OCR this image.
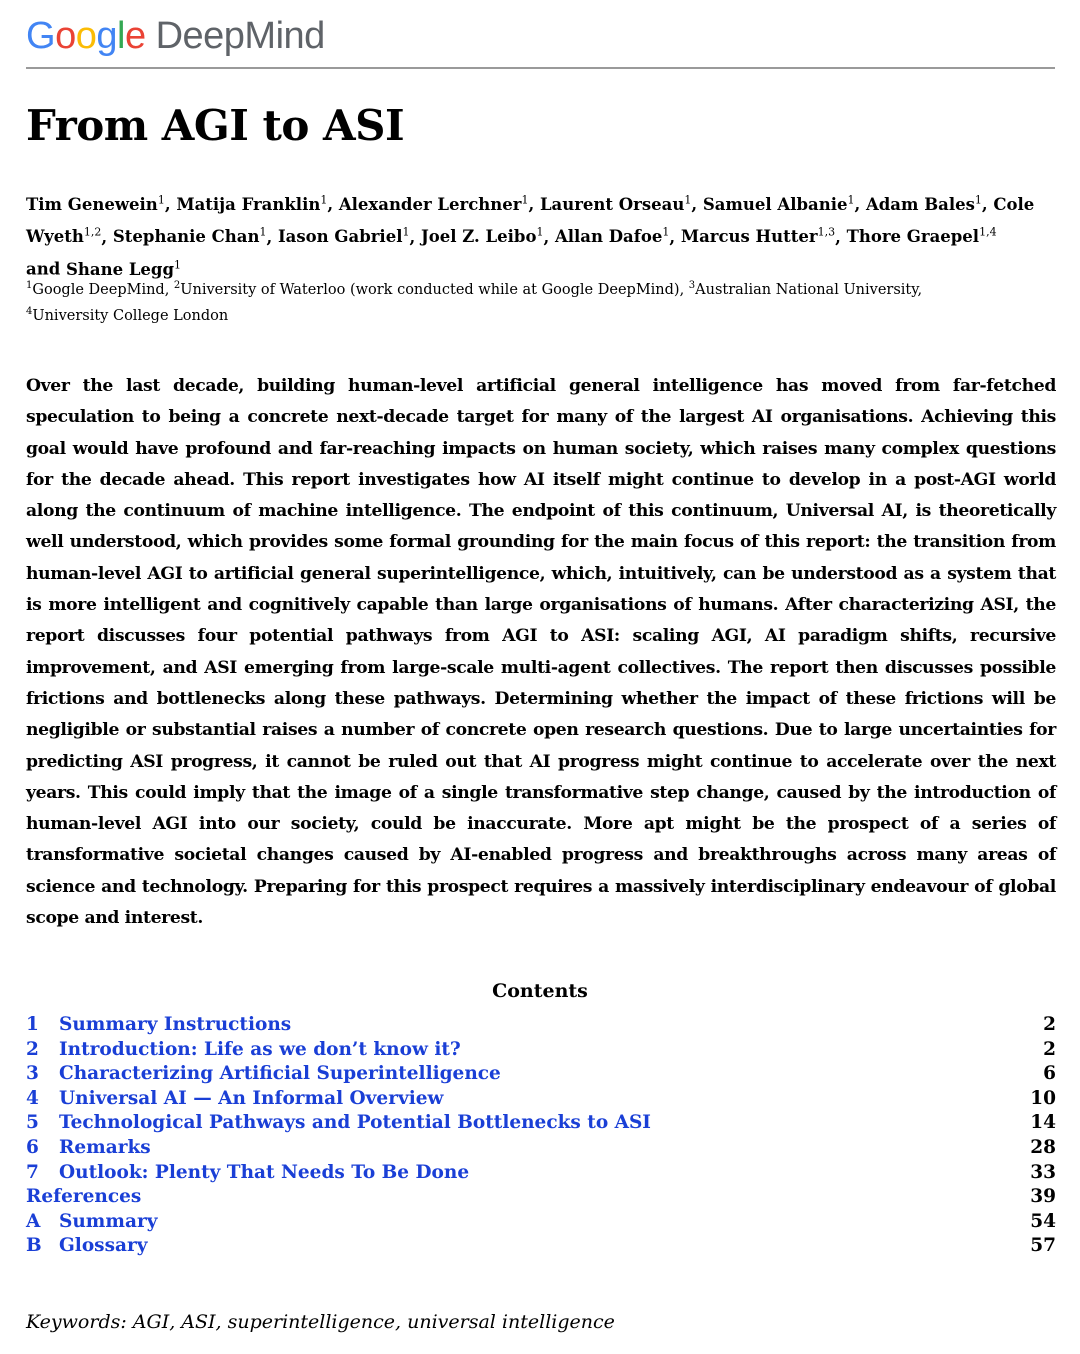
Google DeepMind
From AGI to ASI
Tim Genewein$^1$, Matija Franklin$^1$, Alexander Lerchner$^1$, Laurent Orseau$^1$, Samuel Albanie$^1$, Adam Bales$^1$, Cole Wyeth$^{1,2}$, Stephanie Chan$^1$, Iason Gabriel$^1$, Joel Z. Leibo$^1$, Allan Dafoe$^1$, Marcus Hutter$^{1,3}$, Thore Graepel$^{1,4}$
and Shane Legg$^1$
$^1$Google DeepMind, $^2$University of Waterloo (work conducted while at Google DeepMind), $^3$Australian National University,
$^4$University College London

Over the last decade, building human-level artificial general intelligence has moved from far-fetched speculation to being a concrete next-decade target for many of the largest AI organisations. Achieving this goal would have profound and far-reaching impacts on human society, which raises many complex questions for the decade ahead. This report investigates how AI itself might continue to develop in a post-AGI world along the continuum of machine intelligence. The endpoint of this continuum, Universal AI, is theoretically well understood, which provides some formal grounding for the main focus of this report: the transition from human-level AGI to artificial general superintelligence, which, intuitively, can be understood as a system that is more intelligent and cognitively capable than large organisations of humans. After characterizing ASI, the report discusses four potential pathways from AGI to ASI: scaling AGI, AI paradigm shifts, recursive improvement, and ASI emerging from large-scale multi-agent collectives. The report then discusses possible frictions and bottlenecks along these pathways. Determining whether the impact of these frictions will be negligible or substantial raises a number of concrete open research questions. Due to large uncertainties for predicting ASI progress, it cannot be ruled out that AI progress might continue to accelerate over the next years. This could imply that the image of a single transformative step change, caused by the introduction of human-level AGI into our society, could be inaccurate. More apt might be the prospect of a series of transformative societal changes caused by AI-enabled progress and breakthroughs across many areas of science and technology. Preparing for this prospect requires a massively interdisciplinary endeavour of global scope and interest.

Contents
1	Summary Instructions	2
2	Introduction: Life as we don’t know it?	2
3	Characterizing Artificial Superintelligence	6
4	Universal AI — An Informal Overview	10
5	Technological Pathways and Potential Bottlenecks to ASI	14
6	Remarks	28
7	Outlook: Plenty That Needs To Be Done	33
References	39
A	Summary	54
B Glossary	57
Keywords: AGI, ASI, superintelligence, universal intelligence
